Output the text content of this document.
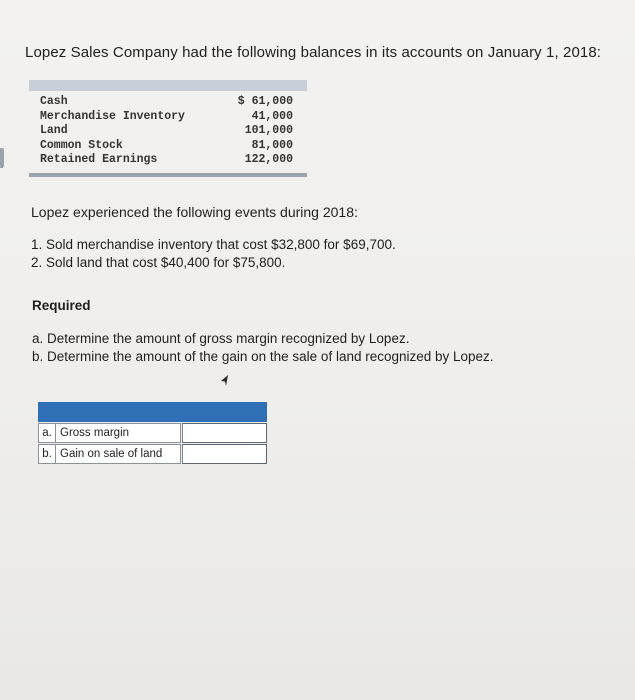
Lopez Sales Company had the following balances in its accounts on January 1, 2018:
Cash	$ 61,000
Merchandise Inventory	41,000
Land	101,000
Common Stock	81,000
Retained Earnings	122,000
Lopez experienced the following events during 2018:
1. Sold merchandise inventory that cost $32,800 for $69,700.
2. Sold land that cost $40,400 for $75,800.
Required
a. Determine the amount of gross margin recognized by Lopez.
b. Determine the amount of the gain on the sale of land recognized by Lopez.
a. Gross margin
b. Gain on sale of land
